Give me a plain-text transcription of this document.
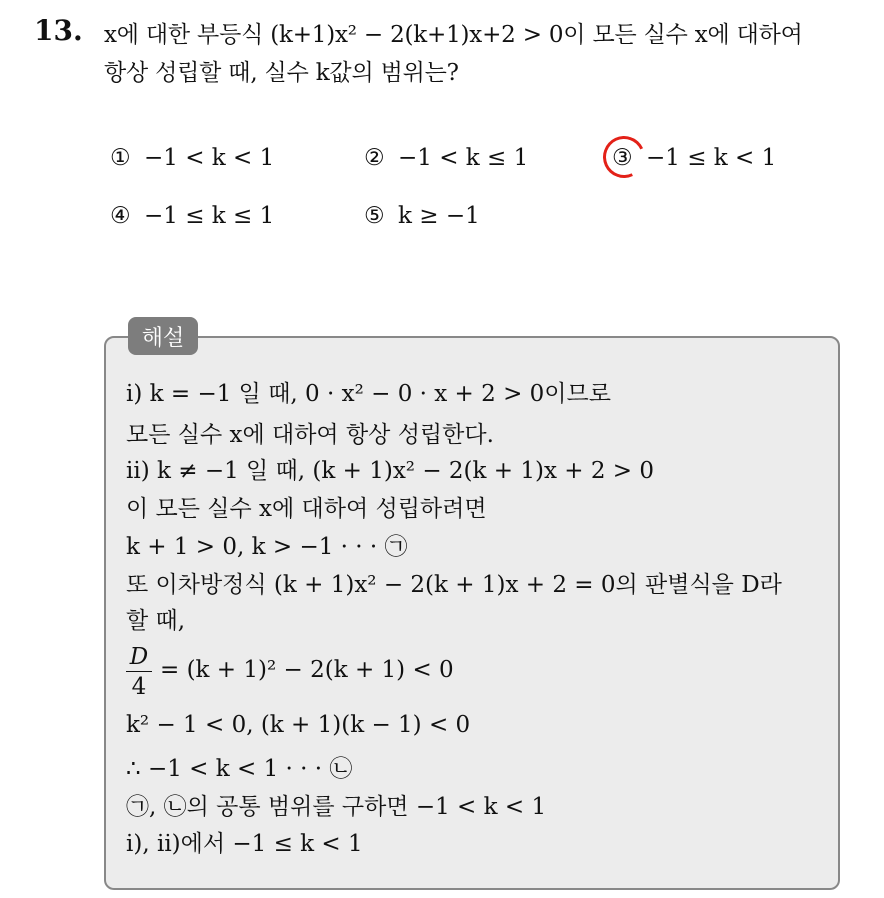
13. x에 대한 부등식 (k+1)x² − 2(k+1)x+2 > 0이 모든 실수 x에 대하여
항상 성립할 때, 실수 k값의 범위는?
① −1 < k < 1	② −1 < k ≤ 1	③ −1 ≤ k < 1
④ −1 ≤ k ≤ 1	⑤ k ≥ −1
해설
ⅰ) k = −1 일 때, 0 · x² − 0 · x + 2 > 0이므로
모든 실수 x에 대하여 항상 성립한다.
ⅱ) k ≠ −1 일 때, (k + 1)x² − 2(k + 1)x + 2 > 0
이 모든 실수 x에 대하여 성립하려면
k + 1 > 0, k > −1 · · · ㉠
또 이차방정식 (k + 1)x² − 2(k + 1)x + 2 = 0의 판별식을 D라
할 때,
$\frac{D}{4} = (k + 1)^2 - 2(k + 1) < 0$
k² − 1 < 0, (k + 1)(k − 1) < 0
∴ −1 < k < 1 · · · ㉡
㉠, ㉡의 공통 범위를 구하면 −1 < k < 1
ⅰ), ⅱ)에서 −1 ≤ k < 1
